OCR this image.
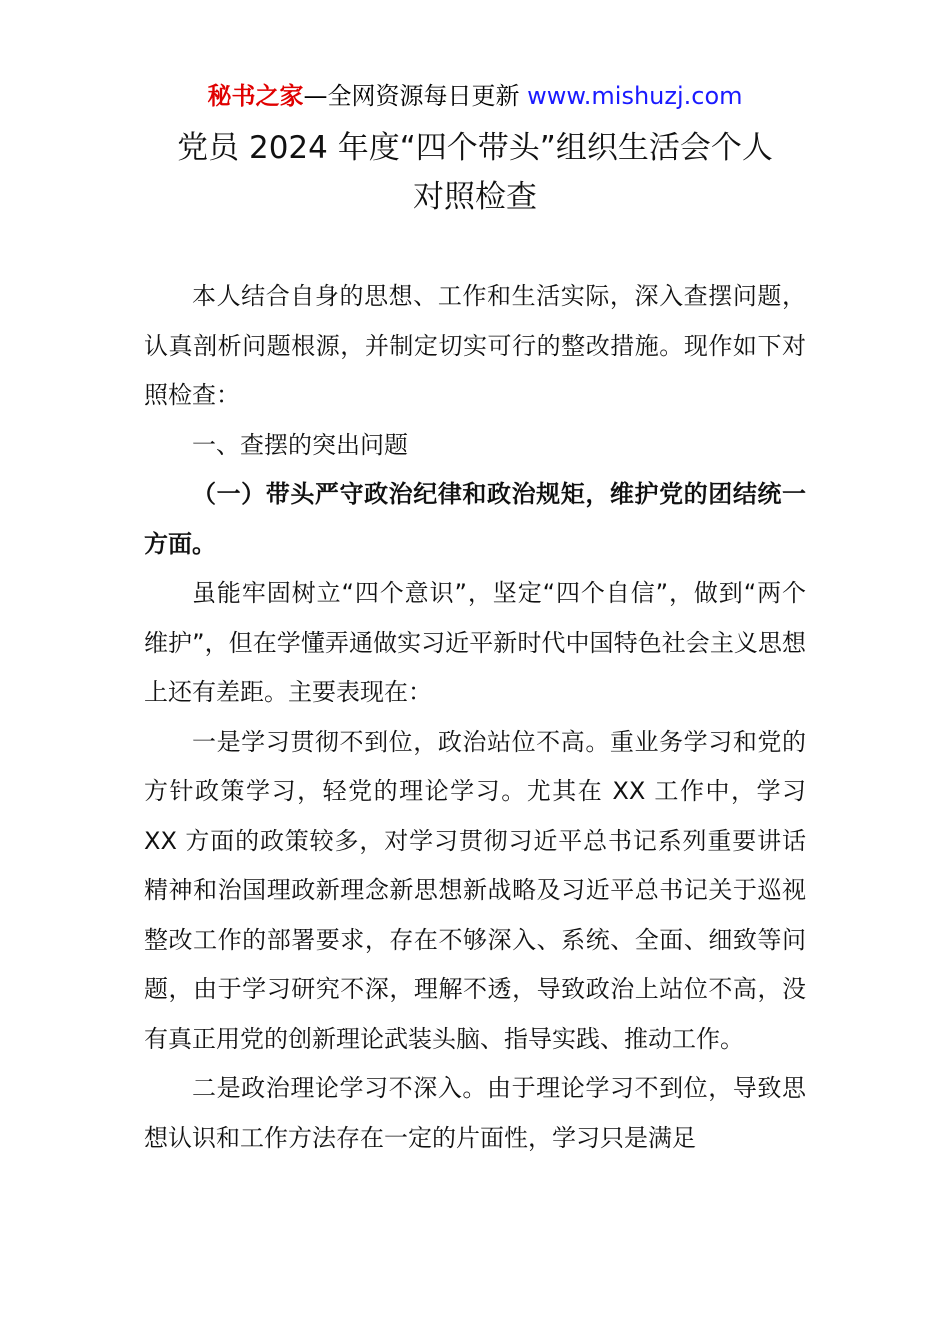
秘书之家—全网资源每日更新 www.mishuzj.com
党员 2024 年度“四个带头”组织生活会个人
对照检查

本人结合自身的思想、工作和生活实际，深入查摆问题，认真剖析问题根源，并制定切实可行的整改措施。现作如下对照检查：

一、查摆的突出问题

（一）带头严守政治纪律和政治规矩，维护党的团结统一方面。

虽能牢固树立“四个意识”，坚定“四个自信”，做到“两个维护”，但在学懂弄通做实习近平新时代中国特色社会主义思想上还有差距。主要表现在：

一是学习贯彻不到位，政治站位不高。重业务学习和党的方针政策学习，轻党的理论学习。尤其在 XX 工作中，学习 XX 方面的政策较多，对学习贯彻习近平总书记系列重要讲话精神和治国理政新理念新思想新战略及习近平总书记关于巡视整改工作的部署要求，存在不够深入、系统、全面、细致等问题，由于学习研究不深，理解不透，导致政治上站位不高，没有真正用党的创新理论武装头脑、指导实践、推动工作。

二是政治理论学习不深入。由于理论学习不到位，导致思想认识和工作方法存在一定的片面性，学习只是满足
